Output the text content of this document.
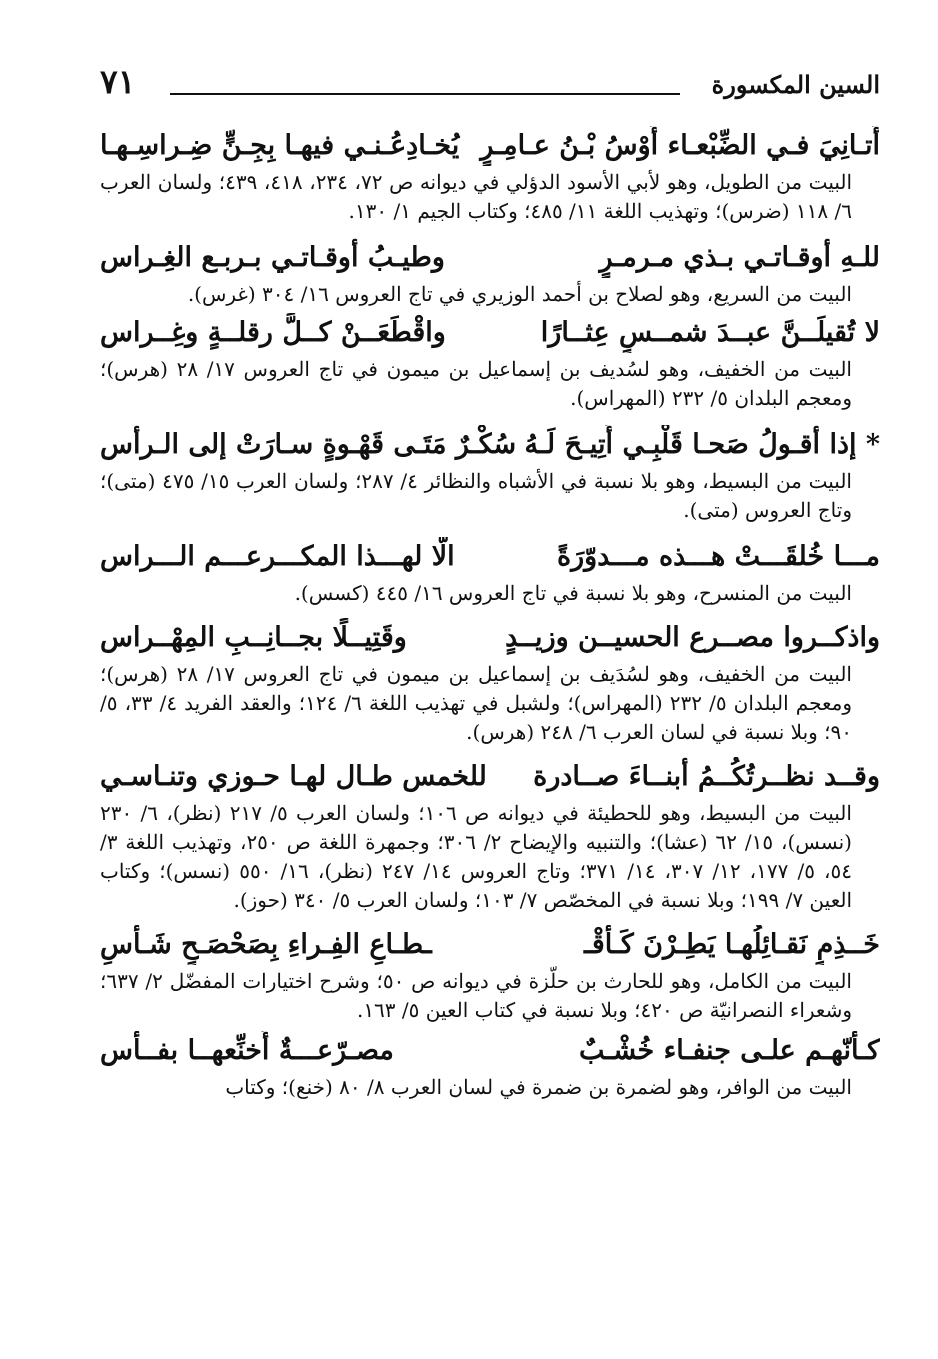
السين المكسورة
٧١
أَتـانِيَ فـي الضِّبْعـاء أَوْسُ بْـنُ عـامِـرٍ
يُخـادِعُـنـي فيهـا بِجِـنٍّ ضِـراسِـهـا

البيت من الطويل، وهو لأبي الأسود الدؤلي في ديوانه ص ٧٢، ٢٣٤، ٤١٨، ٤٣٩؛ ولسان العرب ٦/ ١١٨ (ضرس)؛ وتهذيب اللغة ١١/ ٤٨٥؛ وكتاب الجيم ١/ ١٣٠.

للـهِ أوقـاتـي بـذي مـرمـرٍ
وطيـبُ أوقـاتـي بـربـع الغِـراس

البيت من السريع، وهو لصلاح بن أحمد الوزيري في تاج العروس ١٦/ ٣٠٤ (غرس).

لا تُقيلَــنَّ عبــدَ شمــسٍ عِثــارًا
واقْطَعَــنْ كــلَّ رقلــةٍ وغِــراس

البيت من الخفيف، وهو لسُديف بن إسماعيل بن ميمون في تاج العروس ١٧/ ٢٨ (هرس)؛ ومعجم البلدان ٥/ ٢٣٢ (المهراس).

* إذا أقـولُ صَحـا قَلْبِـي أُتِيـحَ لَـهُ
سُكْـرٌ مَتَـى قَهْـوةٍ سـارَتْ إلى الـرأس

البيت من البسيط، وهو بلا نسبة في الأشباه والنظائر ٤/ ٢٨٧؛ ولسان العرب ١٥/ ٤٧٥ (متى)؛ وتاج العروس (متى).

مـــا خُلقَـــتْ هـــذه مـــدوّرَةً
الّا لهـــذا المكـــرعـــم الـــراس

البيت من المنسرح، وهو بلا نسبة في تاج العروس ١٦/ ٤٤٥ (كسس).

واذكــروا مصــرع الحسيــن وزيــدٍ
وقَتِيــلًا بجــانِــبِ المِهْــراس

البيت من الخفيف، وهو لسُدَيف بن إسماعيل بن ميمون في تاج العروس ١٧/ ٢٨ (هرس)؛ ومعجم البلدان ٥/ ٢٣٢ (المهراس)؛ ولشبل في تهذيب اللغة ٦/ ١٢٤؛ والعقد الفريد ٤/ ٣٣، ٥/ ٩٠؛ وبلا نسبة في لسان العرب ٦/ ٢٤٨ (هرس).

وقــد نظــرتُكُــمُ أبنــاءَ صــادرة
للخمس طـال لهـا حـوزي وتنـاسـي

البيت من البسيط، وهو للحطيئة في ديوانه ص ١٠٦؛ ولسان العرب ٥/ ٢١٧ (نظر)، ٦/ ٢٣٠ (نسس)، ١٥/ ٦٢ (عشا)؛ والتنبيه والإيضاح ٢/ ٣٠٦؛ وجمهرة اللغة ص ٢٥٠، وتهذيب اللغة ٣/ ٥٤، ٥/ ١٧٧، ١٢/ ٣٠٧، ١٤/ ٣٧١؛ وتاج العروس ١٤/ ٢٤٧ (نظر)، ١٦/ ٥٥٠ (نسس)؛ وكتاب العين ٧/ ١٩٩؛ وبلا نسبة في المخصّص ٧/ ١٠٣؛ ولسان العرب ٥/ ٣٤٠ (حوز).

خَــذِمٍ نَقـائِلُهـا يَطِـرْنَ كَـأَقْـ
ـطـاعِ الفِـراءِ بِصَحْصَـحٍ شَـأْسِ

البيت من الكامل، وهو للحارث بن حلّزة في ديوانه ص ٥٠؛ وشرح اختيارات المفضّل ٢/ ٦٣٧؛ وشعراء النصرانيّة ص ٤٢٠؛ وبلا نسبة في كتاب العين ٥/ ١٦٣.

كـأنّهـم علـى جنفـاء خُشْـبٌ
مصـرّعـــةٌ أُخنِّعهــا بفــأس

البيت من الوافر، وهو لضمرة بن ضمرة في لسان العرب ٨/ ٨٠ (خنع)؛ وكتاب
